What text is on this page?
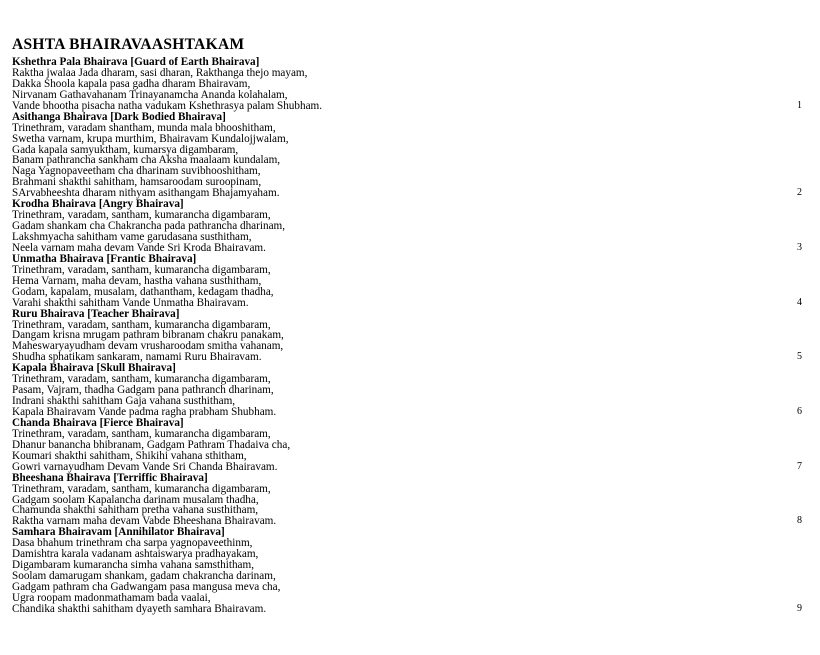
ASHTA BHAIRAVAASHTAKAM
Kshethra Pala Bhairava [Guard of Earth Bhairava]
Raktha jwalaa Jada dharam, sasi dharan, Rakthanga thejo mayam,
Dakka Shoola kapala pasa gadha dharam Bhairavam,
Nirvanam Gathavahanam Trinayanamcha Ananda kolahalam,
Vande bhootha pisacha natha vadukam Kshethrasya palam Shubham.	1
Asithanga Bhairava [Dark Bodied Bhairava]
Trinethram, varadam shantham, munda mala bhooshitham,
Swetha varnam, krupa murthim, Bhairavam Kundalojjwalam,
Gada kapala samyuktham, kumarsya digambaram,
Banam pathrancha sankham cha Aksha maalaam kundalam,
Naga Yagnopaveetham cha dharinam suvibhooshitham,
Brahmani shakthi sahitham, hamsaroodam suroopinam,
SArvabheeshta dharam nithyam asithangam Bhajamyaham.	2
Krodha Bhairava [Angry Bhairava]
Trinethram, varadam, santham, kumarancha digambaram,
Gadam shankam cha Chakrancha pada pathrancha dharinam,
Lakshmyacha sahitham vame garudasana susthitham,
Neela varnam maha devam Vande Sri Kroda Bhairavam.	3
Unmatha Bhairava [Frantic Bhairava]
Trinethram, varadam, santham, kumarancha digambaram,
Hema Varnam, maha devam, hastha vahana susthitham,
Godam, kapalam, musalam, dathantham, kedagam thadha,
Varahi shakthi sahitham Vande Unmatha Bhairavam.	4
Ruru Bhairava [Teacher Bhairava]
Trinethram, varadam, santham, kumarancha digambaram,
Dangam krisna mrugam pathram bibranam chakru panakam,
Maheswaryayudham devam vrusharoodam smitha vahanam,
Shudha sphatikam sankaram, namami Ruru Bhairavam.	5
Kapala Bhairava [Skull Bhairava]
Trinethram, varadam, santham, kumarancha digambaram,
Pasam, Vajram, thadha Gadgam pana pathranch dharinam,
Indrani shakthi sahitham Gaja vahana susthitham,
Kapala Bhairavam Vande padma ragha prabham Shubham.	6
Chanda Bhairava [Fierce Bhairava]
Trinethram, varadam, santham, kumarancha digambaram,
Dhanur banancha bhibranam, Gadgam Pathram Thadaiva cha,
Koumari shakthi sahitham, Shikihi vahana sthitham,
Gowri varnayudham Devam Vande Sri Chanda Bhairavam.	7
Bheeshana Bhairava [Terriffic Bhairava]
Trinethram, varadam, santham, kumarancha digambaram,
Gadgam soolam Kapalancha darinam musalam thadha,
Chamunda shakthi sahitham pretha vahana susthitham,
Raktha varnam maha devam Vabde Bheeshana Bhairavam.	8
Samhara Bhairavam [Annihilator Bhairava]
Dasa bhahum trinethram cha sarpa yagnopaveethinm,
Damishtra karala vadanam ashtaiswarya pradhayakam,
Digambaram kumarancha simha vahana samsthitham,
Soolam damarugam shankam, gadam chakrancha darinam,
Gadgam pathram cha Gadwangam pasa mangusa meva cha,
Ugra roopam madonmathamam bada vaalai,
Chandika shakthi sahitham dyayeth samhara Bhairavam.	9
